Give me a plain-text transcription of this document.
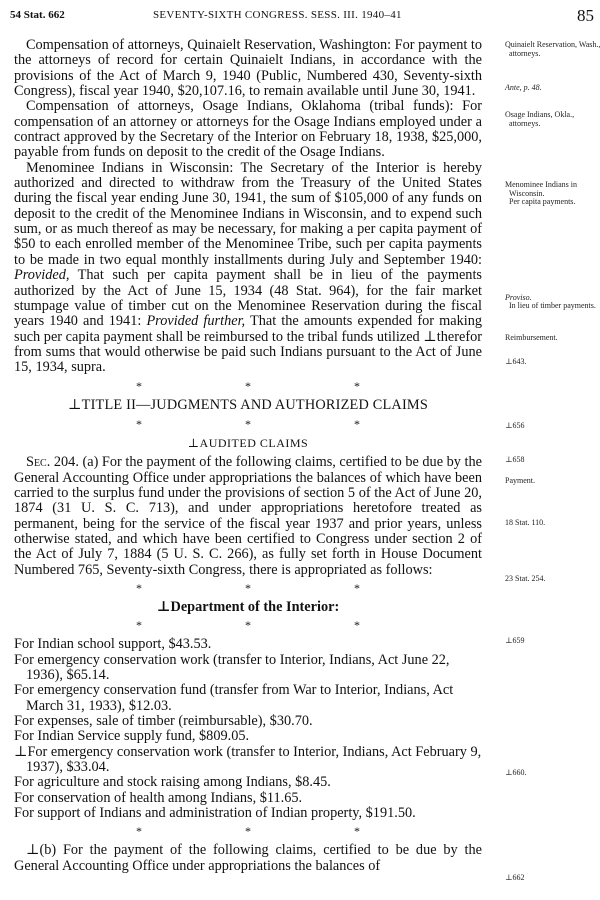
54 Stat. 662	SEVENTY-SIXTH CONGRESS. SESS. III. 1940–41	85

Compensation of attorneys, Quinaielt Reservation, Washington: For payment to the attorneys of record for certain Quinaielt Indians, in accordance with the provisions of the Act of March 9, 1940 (Public, Numbered 430, Seventy-sixth Congress), fiscal year 1940, $20,107.16, to remain available until June 30, 1941.

Compensation of attorneys, Osage Indians, Oklahoma (tribal funds): For compensation of an attorney or attorneys for the Osage Indians employed under a contract approved by the Secretary of the Interior on February 18, 1938, $25,000, payable from funds on deposit to the credit of the Osage Indians.

Menominee Indians in Wisconsin: The Secretary of the Interior is hereby authorized and directed to withdraw from the Treasury of the United States during the fiscal year ending June 30, 1941, the sum of $105,000 of any funds on deposit to the credit of the Menominee Indians in Wisconsin, and to expend such sum, or as much thereof as may be necessary, for making a per capita payment of $50 to each enrolled member of the Menominee Tribe, such per capita payments to be made in two equal monthly installments during July and September 1940: Provided, That such per capita payment shall be in lieu of the payments authorized by the Act of June 15, 1934 (48 Stat. 964), for the fair market stumpage value of timber cut on the Menominee Reservation during the fiscal years 1940 and 1941: Provided further, That the amounts expended for making such per capita payment shall be reimbursed to the tribal funds utilized ⊥therefor from sums that would otherwise be paid such Indians pursuant to the Act of June 15, 1934, supra.

* * *
⊥TITLE II—JUDGMENTS AND AUTHORIZED CLAIMS
* * *
⊥AUDITED CLAIMS

Sec. 204. (a) For the payment of the following claims, certified to be due by the General Accounting Office under appropriations the balances of which have been carried to the surplus fund under the provisions of section 5 of the Act of June 20, 1874 (31 U. S. C. 713), and under appropriations heretofore treated as permanent, being for the service of the fiscal year 1937 and prior years, unless otherwise stated, and which have been certified to Congress under section 2 of the Act of July 7, 1884 (5 U. S. C. 266), as fully set forth in House Document Numbered 765, Seventy-sixth Congress, there is appropriated as follows:

* * *
⊥Department of the Interior:
* * *

For Indian school support, $43.53.

For emergency conservation work (transfer to Interior, Indians, Act June 22, 1936), $65.14.

For emergency conservation fund (transfer from War to Interior, Indians, Act March 31, 1933), $12.03.

For expenses, sale of timber (reimbursable), $30.70.

For Indian Service supply fund, $809.05.

⊥For emergency conservation work (transfer to Interior, Indians, Act February 9, 1937), $33.04.

For agriculture and stock raising among Indians, $8.45.

For conservation of health among Indians, $11.65.

For support of Indians and administration of Indian property, $191.50.

* * *

⊥(b) For the payment of the following claims, certified to be due by the General Accounting Office under appropriations the balances of

Quinaielt Reservation, Wash., attorneys.
Ante, p. 48.
Osage Indians, Okla., attorneys.
Menominee Indians in Wisconsin.
Per capita payments.
Proviso.
In lieu of timber payments.
Reimbursement.
⊥643.
⊥656
⊥658
Payment.
18 Stat. 110.
23 Stat. 254.
⊥659
⊥660.
⊥662
